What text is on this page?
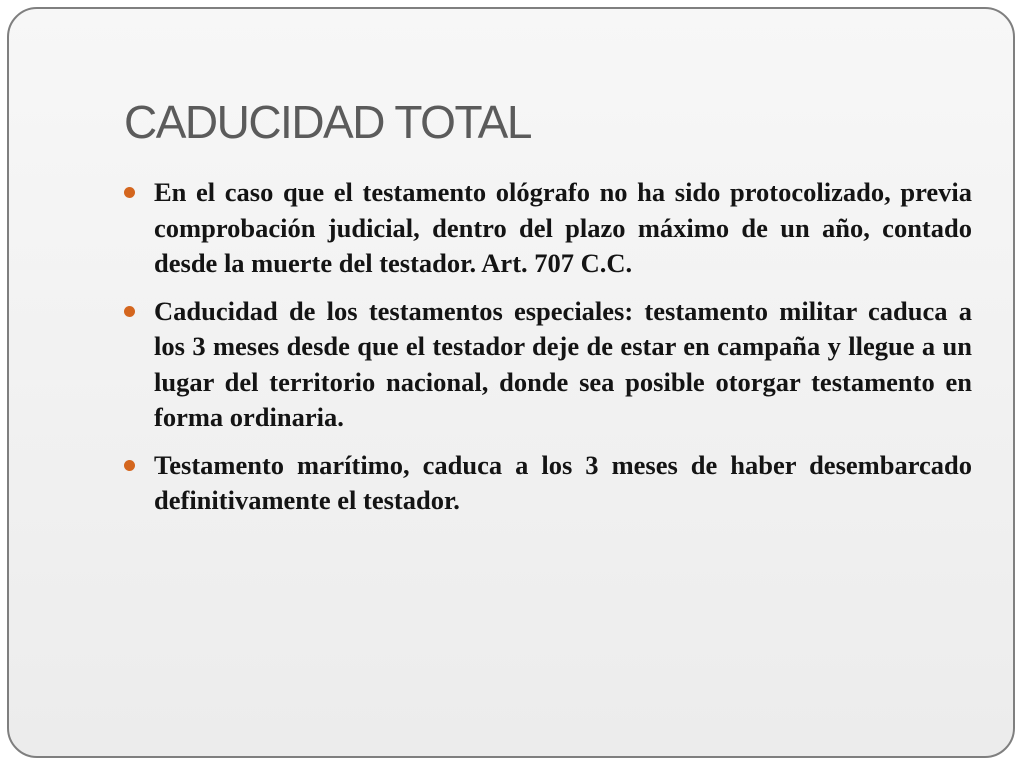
CADUCIDAD TOTAL
En el caso que el testamento ológrafo no ha sido protocolizado, previa comprobación judicial, dentro del plazo máximo de un año, contado desde la muerte del testador. Art. 707 C.C.
Caducidad de los testamentos especiales: testamento militar caduca a los 3 meses desde que el testador deje de estar en campaña y llegue a un lugar del territorio nacional, donde sea posible otorgar testamento en forma ordinaria.
Testamento marítimo, caduca a los 3 meses de haber desembarcado definitivamente el testador.
